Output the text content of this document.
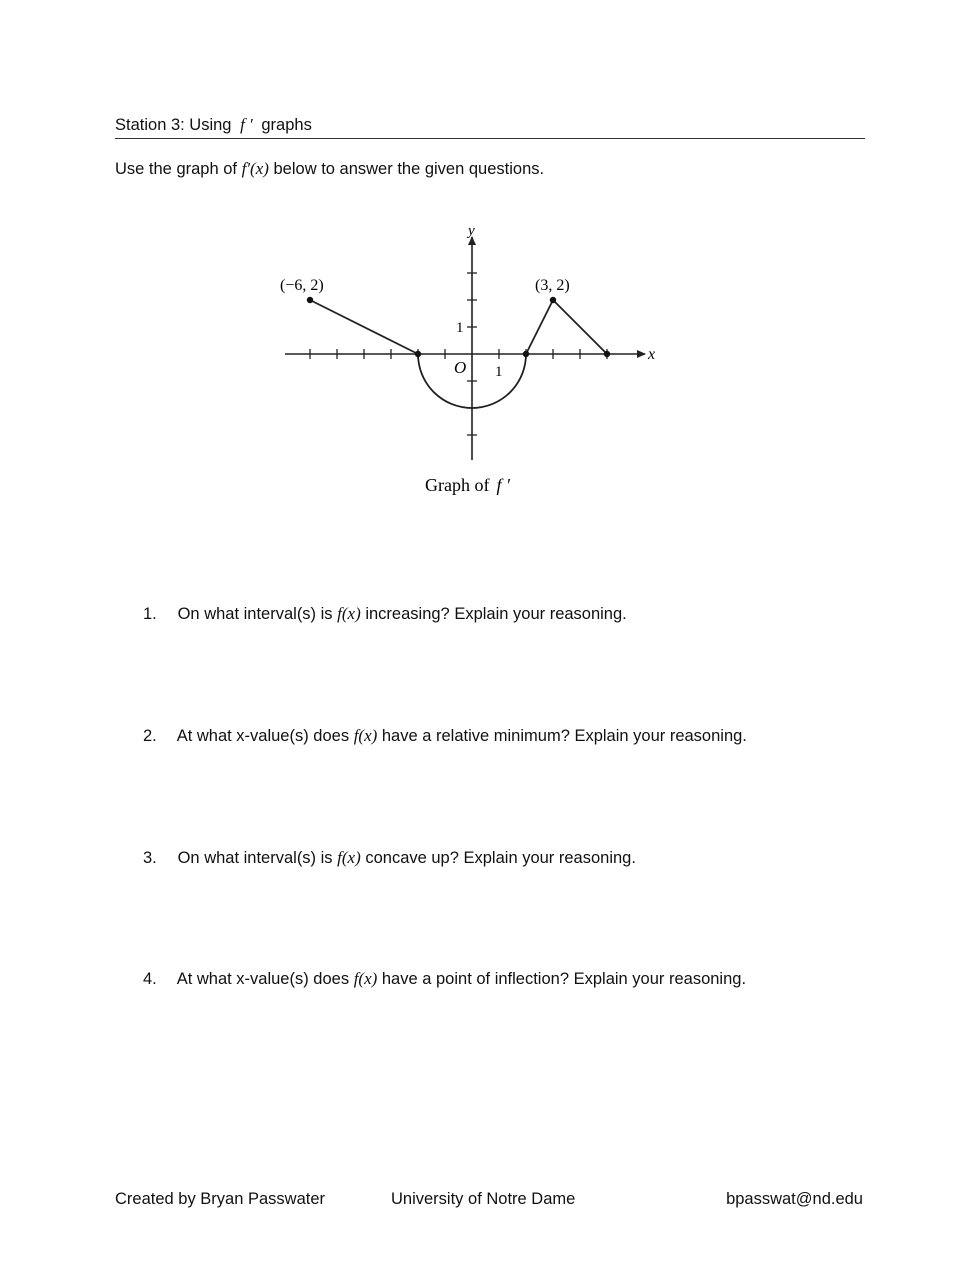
Station 3: Using f ′ graphs
Use the graph of f′(x) below to answer the given questions.
y
x
O 1
1
(−6, 2)	(3, 2)
Graph of f ′
1. On what interval(s) is f(x) increasing? Explain your reasoning.
2. At what x-value(s) does f(x) have a relative minimum? Explain your reasoning.
3. On what interval(s) is f(x) concave up? Explain your reasoning.
4. At what x-value(s) does f(x) have a point of inflection? Explain your reasoning.
Created by Bryan Passwater	University of Notre Dame	bpasswat@nd.edu
